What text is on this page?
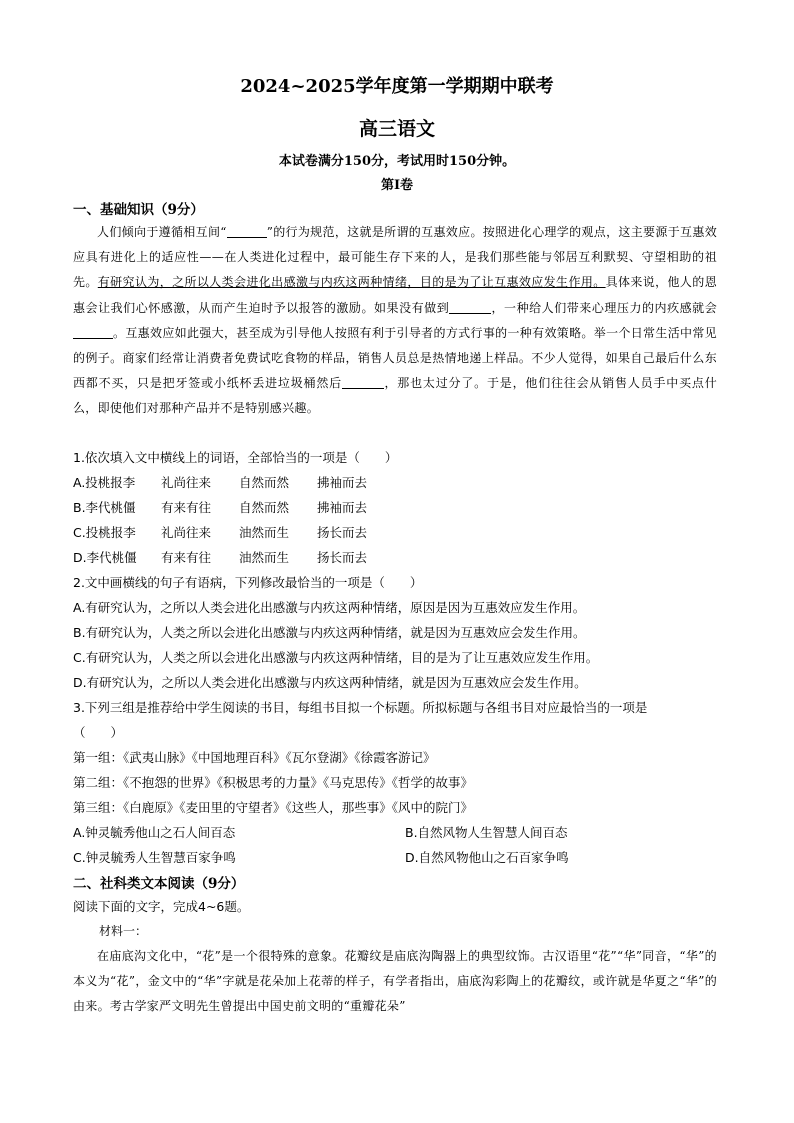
2024~2025学年度第一学期期中联考
高三语文
本试卷满分150分，考试用时150分钟。
第Ⅰ卷
一、基础知识（9分）
人们倾向于遵循相互间“	”的行为规范，这就是所谓的互惠效应。按照进化心理学的观点，这主要源于互惠效应具有进化上的适应性——在人类进化过程中，最可能生存下来的人，是我们那些能与邻居互利默契、守望相助的祖先。有研究认为，之所以人类会进化出感激与内疚这两种情绪，目的是为了让互惠效应发生作用。具体来说，他人的恩惠会让我们心怀感激，从而产生迫时予以报答的激励。如果没有做到	，一种给人们带来心理压力的内疚感就会。互惠效应如此强大，甚至成为引导他人按照有利于引导者的方式行事的一种有效策略。举一个日常生活中常见的例子。商家们经常让消费者免费试吃食物的样品，销售人员总是热情地递上样品。不少人觉得，如果自己最后什么东西都不买，只是把牙签或小纸杯丢进垃圾桶然后	，那也太过分了。于是，他们往往会从销售人员手中买点什么，即使他们对那种产品并不是特别感兴趣。
1.依次填入文中横线上的词语，全部恰当的一项是（　　）
A.投桃报李 礼尚往来 自然而然 拂袖而去
B.李代桃僵 有来有往 自然而然 拂袖而去
C.投桃报李 礼尚往来 油然而生 扬长而去
D.李代桃僵 有来有往 油然而生 扬长而去
2.文中画横线的句子有语病，下列修改最恰当的一项是（　　）
A.有研究认为，之所以人类会进化出感激与内疚这两种情绪，原因是因为互惠效应发生作用。
B.有研究认为，人类之所以会进化出感激与内疚这两种情绪，就是因为互惠效应会发生作用。
C.有研究认为，人类之所以会进化出感激与内疚这两种情绪，目的是为了让互惠效应发生作用。
D.有研究认为，之所以人类会进化出感激与内疚这两种情绪，就是因为互惠效应会发生作用。
3.下列三组是推荐给中学生阅读的书目，每组书目拟一个标题。所拟标题与各组书目对应最恰当的一项是
（　　）
第一组：《武夷山脉》《中国地理百科》《瓦尔登湖》《徐霞客游记》
第二组：《不抱怨的世界》《积极思考的力量》《马克思传》《哲学的故事》
第三组：《白鹿原》《麦田里的守望者》《这些人，那些事》《风中的院门》
A.钟灵毓秀他山之石人间百态	B.自然风物人生智慧人间百态
C.钟灵毓秀人生智慧百家争鸣	D.自然风物他山之石百家争鸣
二、社科类文本阅读（9分）
阅读下面的文字，完成4~6题。
材料一：
在庙底沟文化中，“花”是一个很特殊的意象。花瓣纹是庙底沟陶器上的典型纹饰。古汉语里“花”“华”同音，“华”的本义为“花”，金文中的“华”字就是花朵加上花蒂的样子，有学者指出，庙底沟彩陶上的花瓣纹，或许就是华夏之“华”的由来。考古学家严文明先生曾提出中国史前文明的“重瓣花朵”
